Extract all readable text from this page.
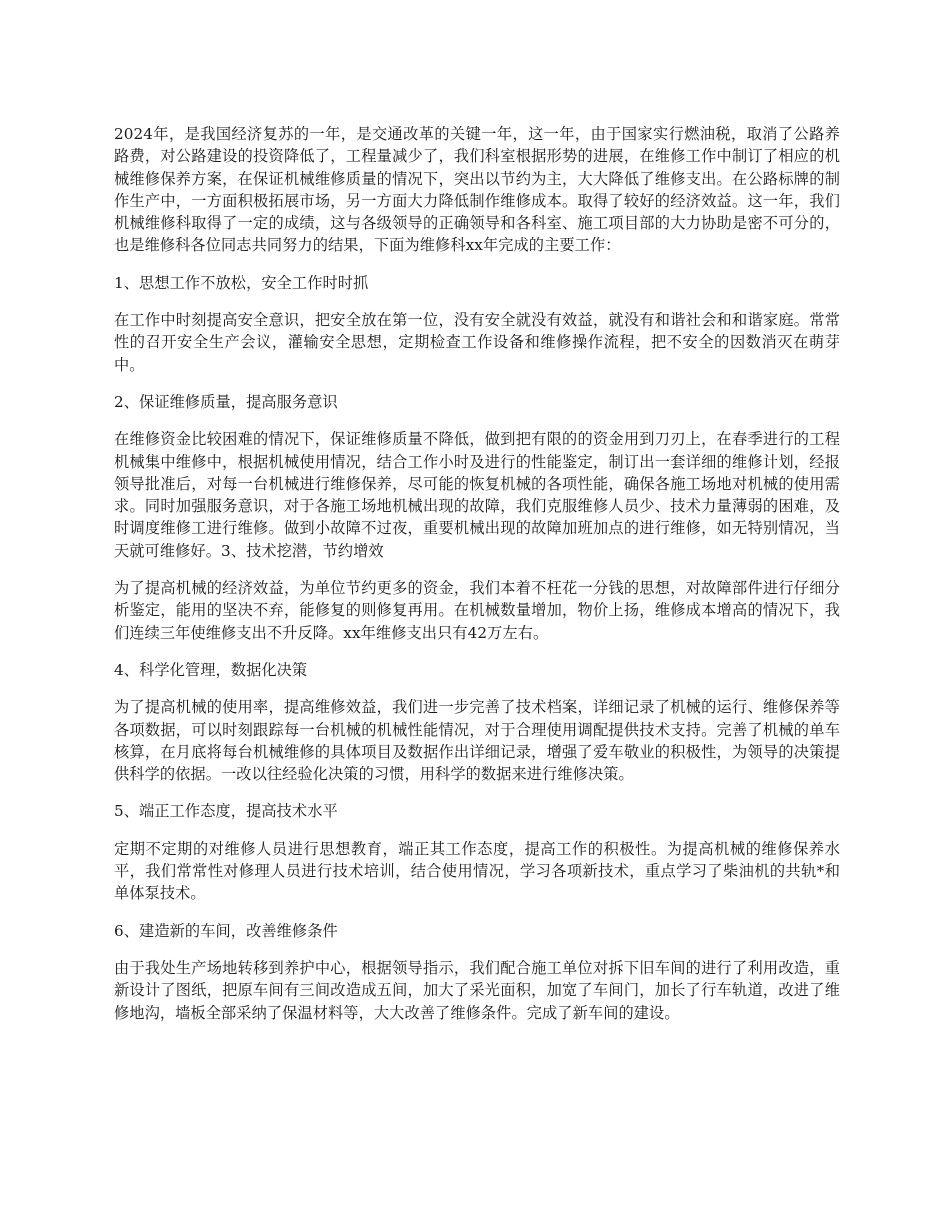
2024年，是我国经济复苏的一年，是交通改革的关键一年，这一年，由于国家实行燃油税，取消了公路养路费，对公路建设的投资降低了，工程量减少了，我们科室根据形势的进展，在维修工作中制订了相应的机械维修保养方案，在保证机械维修质量的情况下，突出以节约为主，大大降低了维修支出。在公路标牌的制作生产中，一方面积极拓展市场，另一方面大力降低制作维修成本。取得了较好的经济效益。这一年，我们机械维修科取得了一定的成绩，这与各级领导的正确领导和各科室、施工项目部的大力协助是密不可分的，也是维修科各位同志共同努力的结果，下面为维修科xx年完成的主要工作：

1、思想工作不放松，安全工作时时抓

在工作中时刻提高安全意识，把安全放在第一位，没有安全就没有效益，就没有和谐社会和和谐家庭。常常性的召开安全生产会议，灌输安全思想，定期检查工作设备和维修操作流程，把不安全的因数消灭在萌芽中。

2、保证维修质量，提高服务意识

在维修资金比较困难的情况下，保证维修质量不降低，做到把有限的的资金用到刀刃上，在春季进行的工程机械集中维修中，根据机械使用情况，结合工作小时及进行的性能鉴定，制订出一套详细的维修计划，经报领导批准后，对每一台机械进行维修保养，尽可能的恢复机械的各项性能，确保各施工场地对机械的使用需求。同时加强服务意识，对于各施工场地机械出现的故障，我们克服维修人员少、技术力量薄弱的困难，及时调度维修工进行维修。做到小故障不过夜，重要机械出现的故障加班加点的进行维修，如无特别情况，当天就可维修好。3、技术挖潜，节约增效

为了提高机械的经济效益，为单位节约更多的资金，我们本着不枉花一分钱的思想，对故障部件进行仔细分析鉴定，能用的坚决不弃，能修复的则修复再用。在机械数量增加，物价上扬，维修成本增高的情况下，我们连续三年使维修支出不升反降。xx年维修支出只有42万左右。

4、科学化管理，数据化决策

为了提高机械的使用率，提高维修效益，我们进一步完善了技术档案，详细记录了机械的运行、维修保养等各项数据，可以时刻跟踪每一台机械的机械性能情况，对于合理使用调配提供技术支持。完善了机械的单车核算，在月底将每台机械维修的具体项目及数据作出详细记录，增强了爱车敬业的积极性，为领导的决策提供科学的依据。一改以往经验化决策的习惯，用科学的数据来进行维修决策。

5、端正工作态度，提高技术水平

定期不定期的对维修人员进行思想教育，端正其工作态度，提高工作的积极性。为提高机械的维修保养水平，我们常常性对修理人员进行技术培训，结合使用情况，学习各项新技术，重点学习了柴油机的共轨*和单体泵技术。

6、建造新的车间，改善维修条件

由于我处生产场地转移到养护中心，根据领导指示，我们配合施工单位对拆下旧车间的进行了利用改造，重新设计了图纸，把原车间有三间改造成五间，加大了采光面积，加宽了车间门，加长了行车轨道，改进了维修地沟，墙板全部采纳了保温材料等，大大改善了维修条件。完成了新车间的建设。
